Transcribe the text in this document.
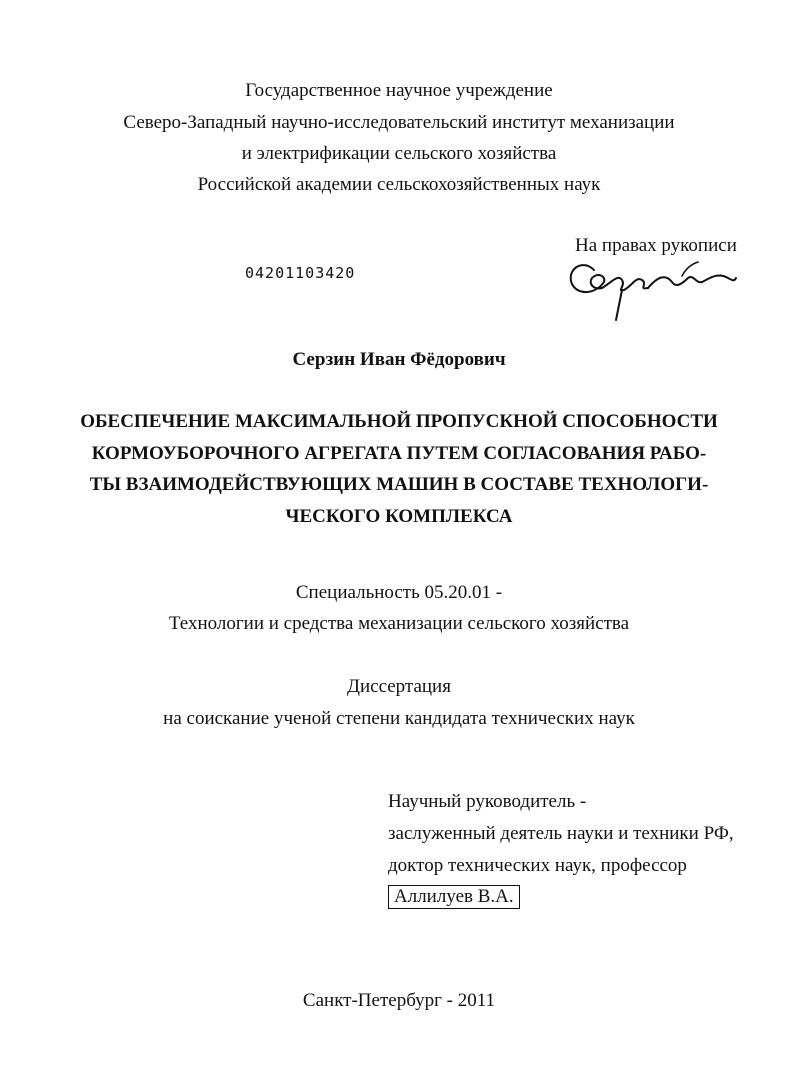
Государственное научное учреждение
Северо-Западный научно-исследовательский институт механизации
и электрификации сельского хозяйства
Российской академии сельскохозяйственных наук
На правах рукописи
04201103420
Серзин Иван Фёдорович
ОБЕСПЕЧЕНИЕ МАКСИМАЛЬНОЙ ПРОПУСКНОЙ СПОСОБНОСТИ
КОРМОУБОРОЧНОГО АГРЕГАТА ПУТЕМ СОГЛАСОВАНИЯ РАБО-
ТЫ ВЗАИМОДЕЙСТВУЮЩИХ МАШИН В СОСТАВЕ ТЕХНОЛОГИ-
ЧЕСКОГО КОМПЛЕКСА
Специальность 05.20.01 -
Технологии и средства механизации сельского хозяйства
Диссертация
на соискание ученой степени кандидата технических наук
Научный руководитель -
заслуженный деятель науки и техники РФ,
доктор технических наук, профессор
Аллилуев В.А.
Санкт-Петербург - 2011
